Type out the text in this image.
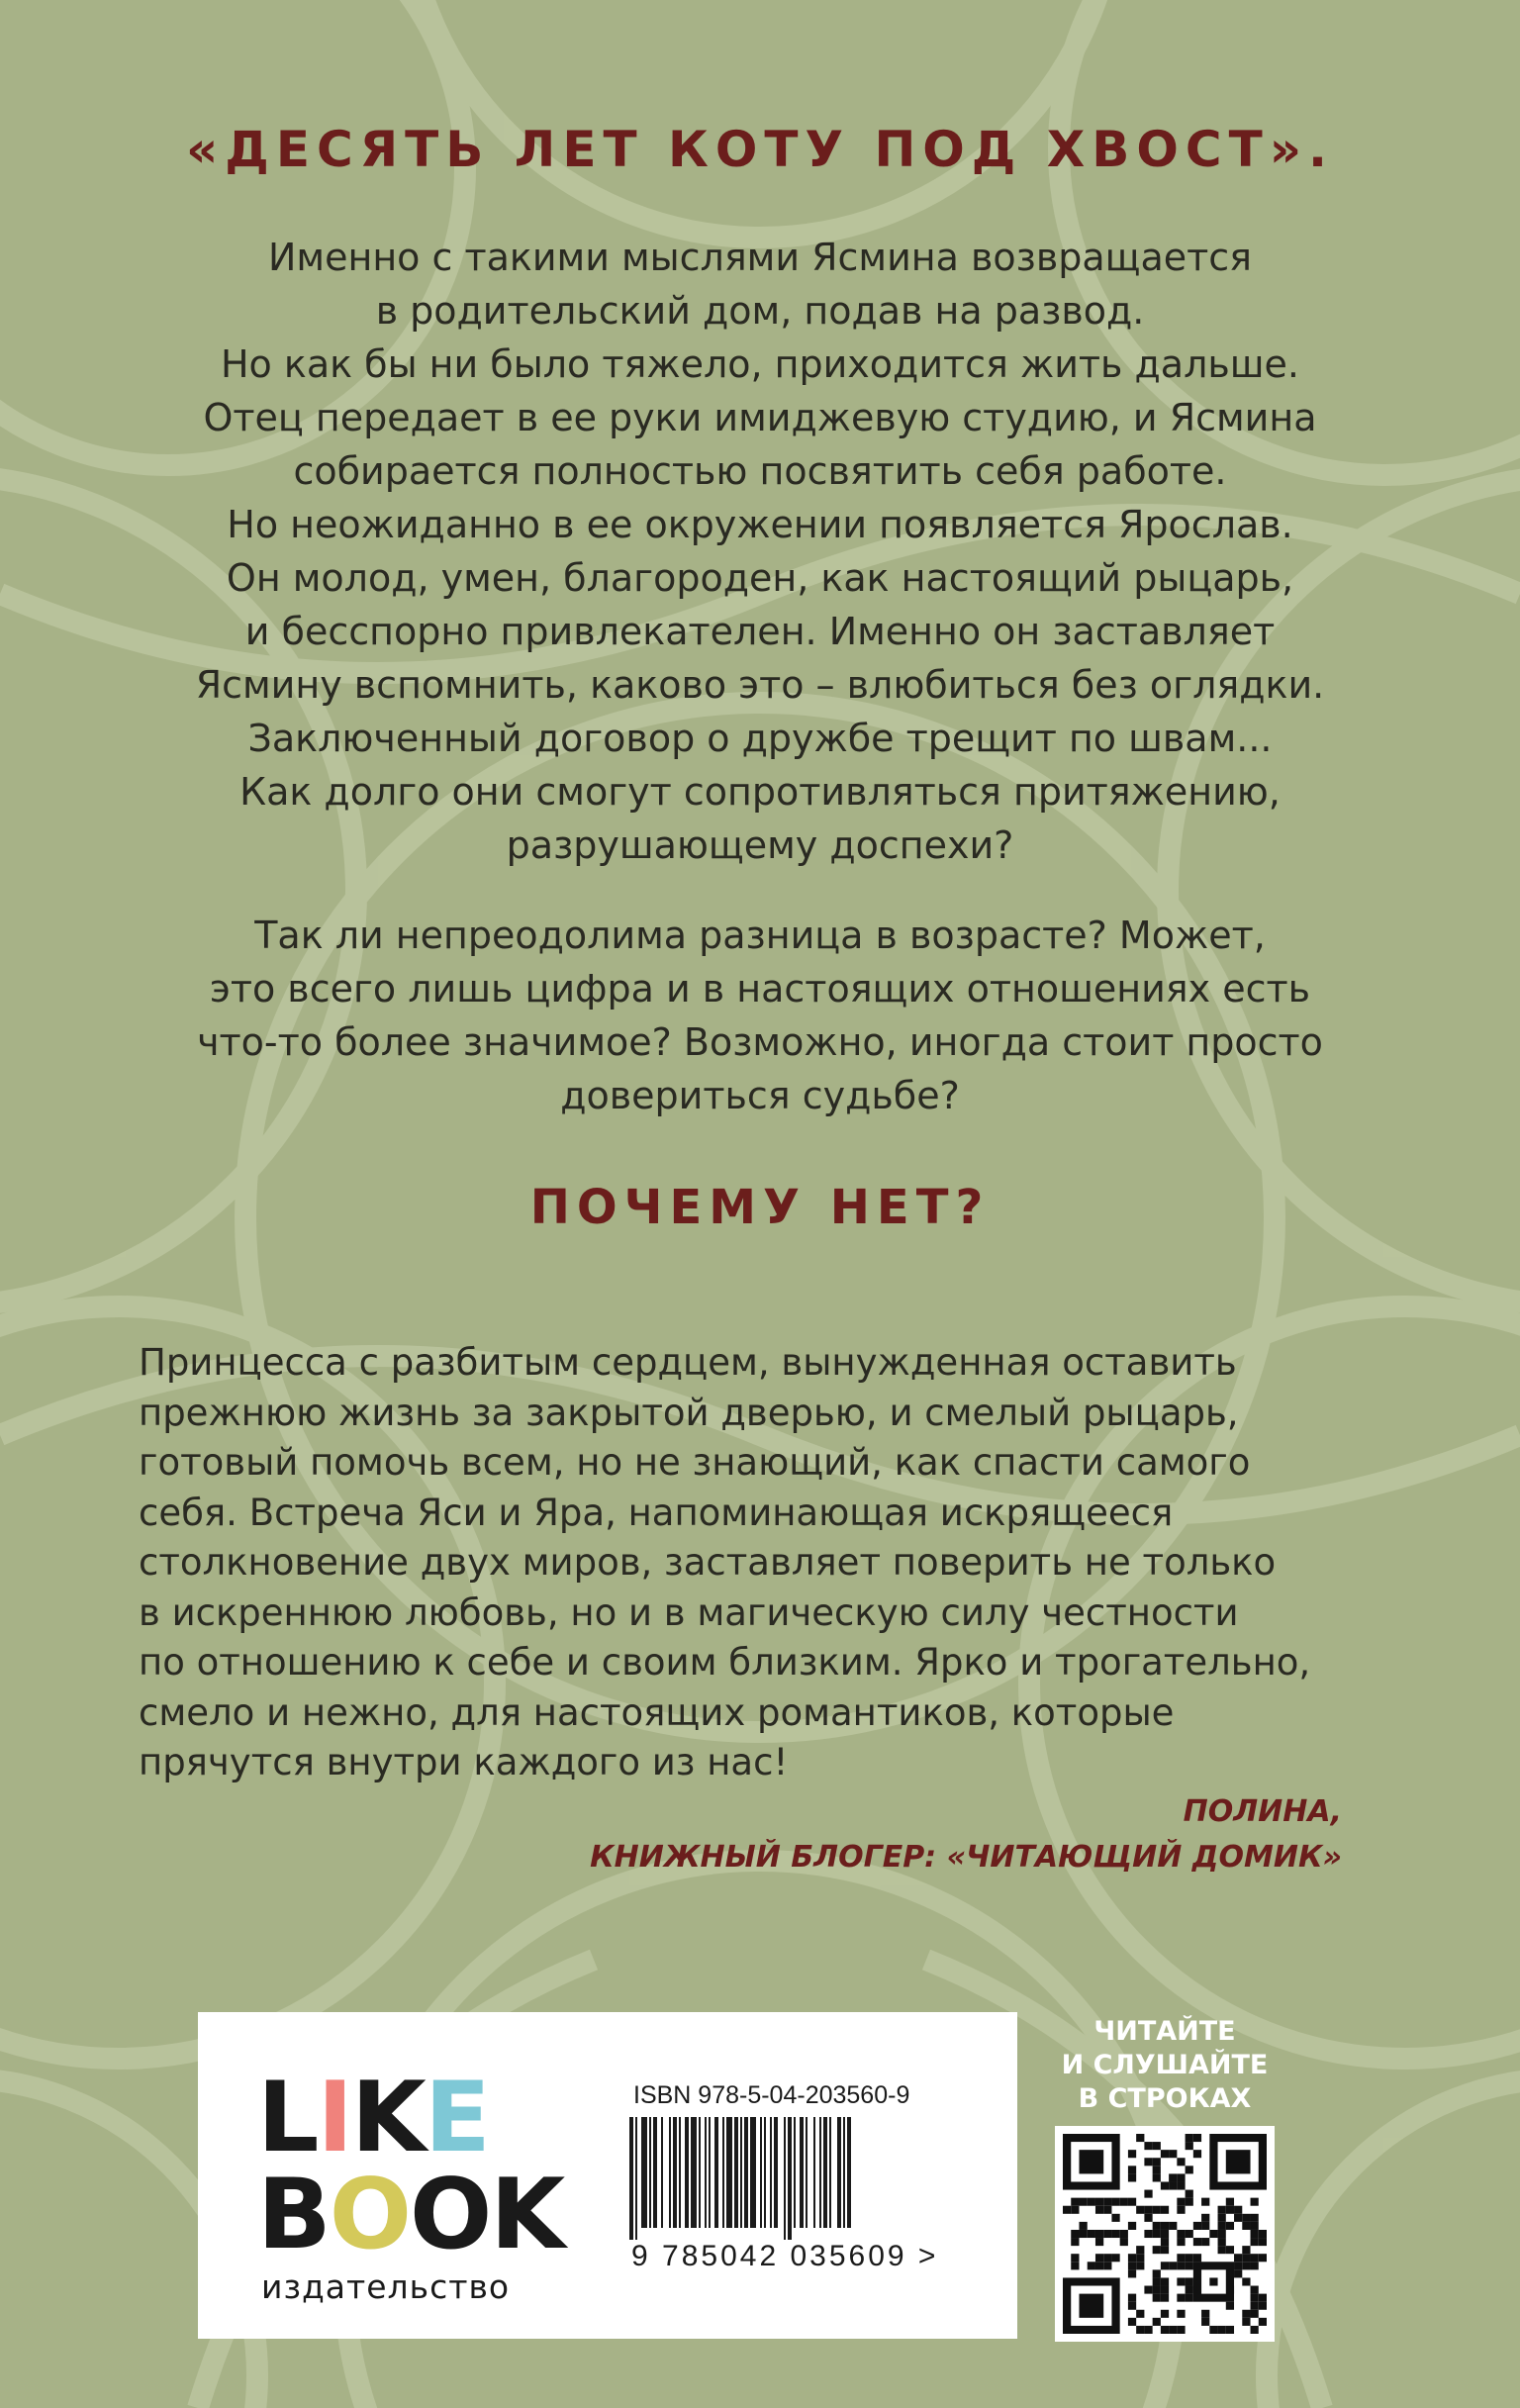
«ДЕСЯТЬ ЛЕТ КОТУ ПОД ХВОСТ».
Именно с такими мыслями Ясмина возвращается
в родительский дом, подав на развод.
Но как бы ни было тяжело, приходится жить дальше.
Отец передает в ее руки имиджевую студию, и Ясмина
собирается полностью посвятить себя работе.
Но неожиданно в ее окружении появляется Ярослав.
Он молод, умен, благороден, как настоящий рыцарь,
и бесспорно привлекателен. Именно он заставляет
Ясмину вспомнить, каково это – влюбиться без оглядки.
Заключенный договор о дружбе трещит по швам...
Как долго они смогут сопротивляться притяжению,
разрушающему доспехи?
Так ли непреодолима разница в возрасте? Может,
это всего лишь цифра и в настоящих отношениях есть
что-то более значимое? Возможно, иногда стоит просто
довериться судьбе?
ПОЧЕМУ НЕТ?
Принцесса с разбитым сердцем, вынужденная оставить
прежнюю жизнь за закрытой дверью, и смелый рыцарь,
готовый помочь всем, но не знающий, как спасти самого
себя. Встреча Яси и Яра, напоминающая искрящееся
столкновение двух миров, заставляет поверить не только
в искреннюю любовь, но и в магическую силу честности
по отношению к себе и своим близким. Ярко и трогательно,
смело и нежно, для настоящих романтиков, которые
прячутся внутри каждого из нас!
ПОЛИНА,
КНИЖНЫЙ БЛОГЕР: «ЧИТАЮЩИЙ ДОМИК»
LIKE
BOOK
издательство
ISBN 978-5-04-203560-9
9 785042 035609 >
ЧИТАЙТЕ
И СЛУШАЙТЕ
В СТРОКАХ
